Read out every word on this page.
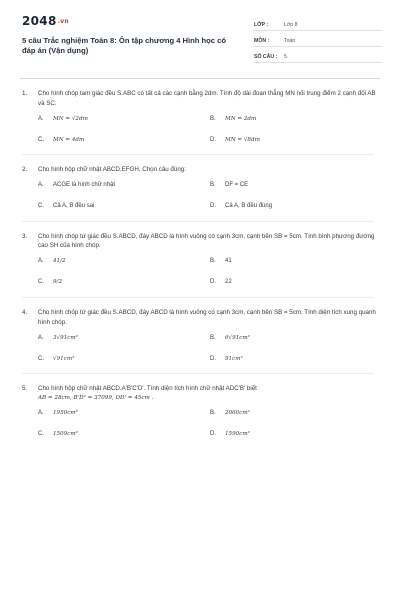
2048.vn
5 câu Trắc nghiệm Toán 8: Ôn tập chương 4 Hình học có đáp án (Vận dụng)
LỚP :	Lớp 8
MÔN :	Toán
SỐ CÂU :	5
1.	Cho hình chóp tam giác đều S.ABC có tất cả các cạnh bằng 2dm. Tính độ dài đoạn thẳng MN nối trung điểm 2 cạnh đối AB và SC.
A.	MN = √2dm	B.	MN = 2dm
C.	MN = 4dm	D.	MN = √8dm
2.	Cho hình hộp chữ nhật ABCD.EFGH. Chọn câu đúng:
A.	ACGE là hình chữ nhật	B.	DF = CE
C.	Cả A, B đều sai	D.	Cả A, B đều đúng
3.	Cho hình chóp tứ giác đều S.ABCD, đáy ABCD là hình vuông có cạnh 3cm, cạnh bên SB = 5cm. Tính bình phương đường cao SH của hình chóp.
A.	41/2	B.	41
C.	9/2	D.	22
4.	Cho hình chóp tứ giác đều S.ABCD, đáy ABCD là hình vuông có cạnh 3cm, cạnh bên SB = 5cm. Tính diện tích xung quanh hình chóp.
A.	3√91cm²	B.	6√91cm²
C.	√91cm²	D.	91cm²
5.	Cho hình hộp chữ nhật ABCD.A'B'C'D'. Tính diện tích hình chữ nhật ADC'B' biết
AB = 28cm, B'D² = 37099, DD' = 45cm .
A.	1950cm²	B.	2060cm²
C.	1509cm²	D.	1590cm²
